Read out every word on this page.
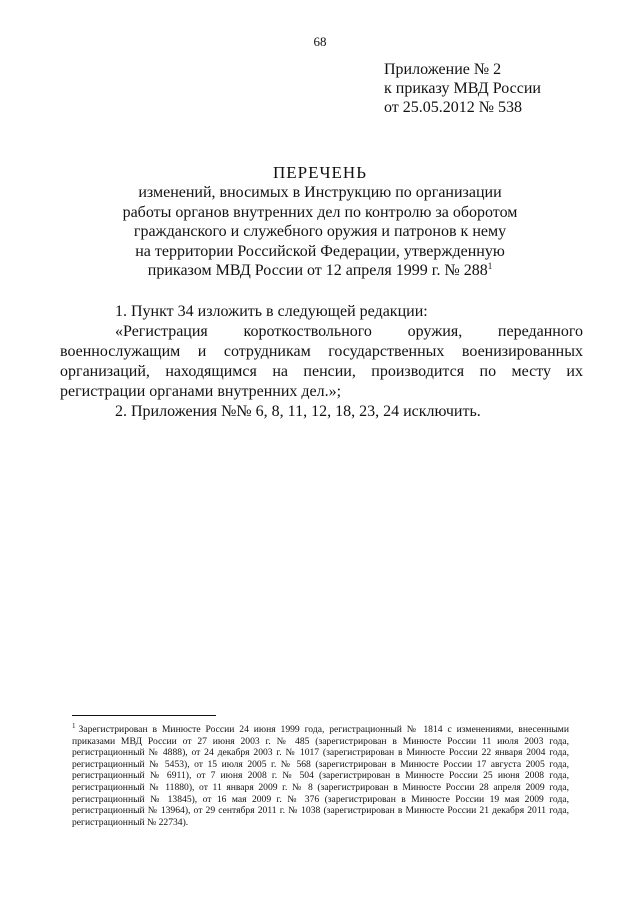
68
Приложение № 2
к приказу МВД России
от 25.05.2012 № 538
ПЕРЕЧЕНЬ
изменений, вносимых в Инструкцию по организации
работы органов внутренних дел по контролю за оборотом
гражданского и служебного оружия и патронов к нему
на территории Российской Федерации, утвержденную
приказом МВД России от 12 апреля 1999 г. № $288^1$

1. Пункт 34 изложить в следующей редакции:

«Регистрация короткоствольного оружия, переданного военнослужащим и сотрудникам государственных военизированных организаций, находящимся на пенсии, производится по месту их регистрации органами внутренних дел.»;

2. Приложения №№ 6, 8, 11, 12, 18, 23, 24 исключить.

$^1$ Зарегистрирован в Минюсте России 24 июня 1999 года, регистрационный № 1814 с изменениями, внесенными приказами МВД России от 27 июня 2003 г. № 485 (зарегистрирован в Минюсте России 11 июля 2003 года, регистрационный № 4888), от 24 декабря 2003 г. № 1017 (зарегистрирован в Минюсте России 22 января 2004 года, регистрационный № 5453), от 15 июля 2005 г. № 568 (зарегистрирован в Минюсте России 17 августа 2005 года, регистрационный № 6911), от 7 июня 2008 г. № 504 (зарегистрирован в Минюсте России 25 июня 2008 года, регистрационный № 11880), от 11 января 2009 г. № 8 (зарегистрирован в Минюсте России 28 апреля 2009 года, регистрационный № 13845), от 16 мая 2009 г. № 376 (зарегистрирован в Минюсте России 19 мая 2009 года, регистрационный № 13964), от 29 сентября 2011 г. № 1038 (зарегистрирован в Минюсте России 21 декабря 2011 года, регистрационный № 22734).
